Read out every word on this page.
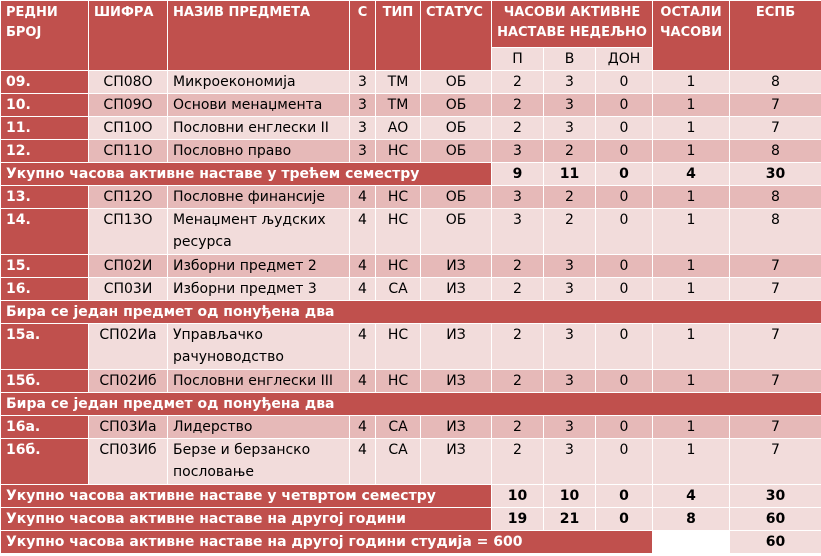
РЕДНИ БРОЈ	ШИФРА	НАЗИВ ПРЕДМЕТА	С	ТИП	СТАТУС	ЧАСОВИ АКТИВНЕ НАСТАВЕ НЕДЕЉНО			ОСТАЛИ ЧАСОВИ	ЕСПБ
						П	В	ДОН		
09.	СП08О	Микроекономија	3	ТМ	ОБ	2	3	0	1	8
10.	СП09О	Основи менаџмента	3	ТМ	ОБ	2	3	0	1	7
11.	СП10О	Пословни енглески II	3	АО	ОБ	2	3	0	1	7
12.	СП11О	Пословно право	3	НС	ОБ	3	2	0	1	8
Укупно часова активне наставе у трећем семестру						9	11	0	4	30
13.	СП12О	Пословне финансије	4	НС	ОБ	3	2	0	1	8
14.	СП13О	Менаџмент људских ресурса	4	НС	ОБ	3	2	0	1	8
15.	СП02И	Изборни предмет 2	4	НС	ИЗ	2	3	0	1	7
16.	СП03И	Изборни предмет 3	4	СА	ИЗ	2	3	0	1	7
Бира се један предмет од понуђена два										
15а.	СП02Иа	Управљачко рачуноводство	4	НС	ИЗ	2	3	0	1	7
15б.	СП02Иб	Пословни енглески III	4	НС	ИЗ	2	3	0	1	7
Бира се један предмет од понуђена два										
16а.	СП03Иа	Лидерство	4	СА	ИЗ	2	3	0	1	7
16б.	СП03Иб	Берзе и берзанско пословање	4	СА	ИЗ	2	3	0	1	7
Укупно часова активне наставе у четвртом семестру						10	10	0	4	30
Укупно часова активне наставе на другој години						19	21	0	8	60
Укупно часова активне наставе на другој години студија = 600										60
